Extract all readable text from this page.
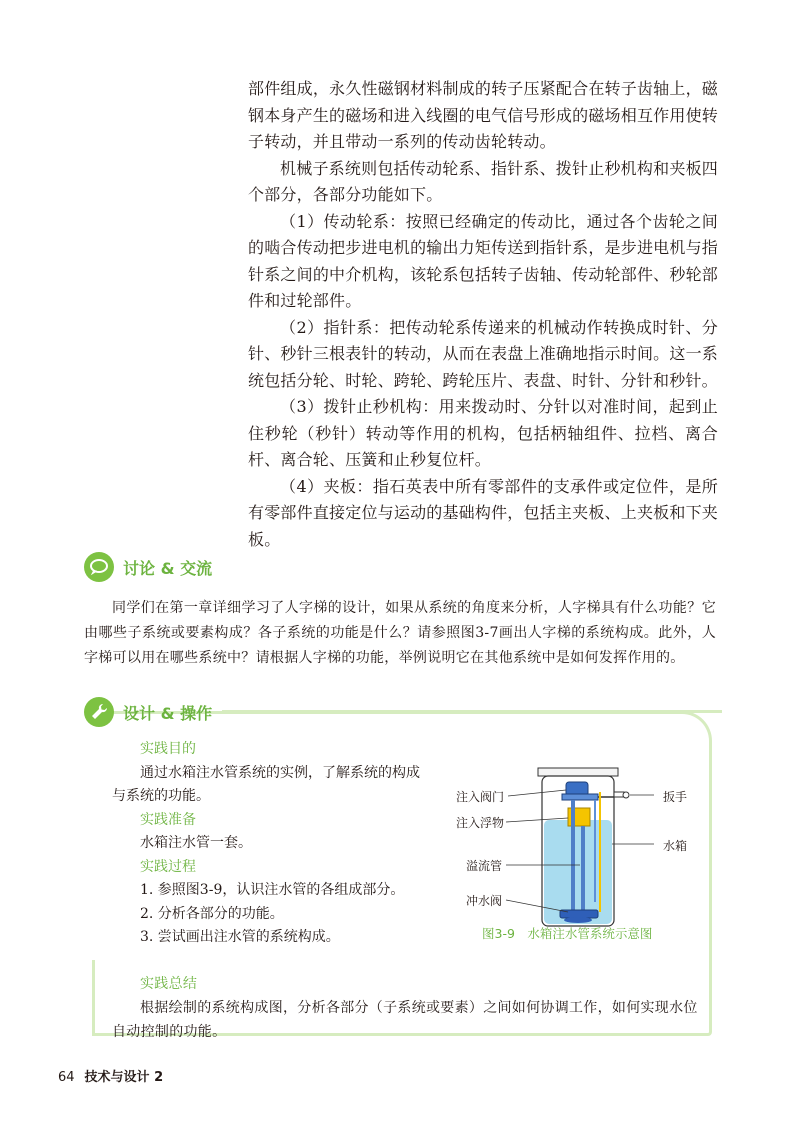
部件组成，永久性磁钢材料制成的转子压紧配合在转子齿轴上，磁钢本身产生的磁场和进入线圈的电气信号形成的磁场相互作用使转子转动，并且带动一系列的传动齿轮转动。

机械子系统则包括传动轮系、指针系、拨针止秒机构和夹板四个部分，各部分功能如下。

（1）传动轮系：按照已经确定的传动比，通过各个齿轮之间的啮合传动把步进电机的输出力矩传送到指针系，是步进电机与指针系之间的中介机构，该轮系包括转子齿轴、传动轮部件、秒轮部件和过轮部件。

（2）指针系：把传动轮系传递来的机械动作转换成时针、分针、秒针三根表针的转动，从而在表盘上准确地指示时间。这一系统包括分轮、时轮、跨轮、跨轮压片、表盘、时针、分针和秒针。

（3）拨针止秒机构：用来拨动时、分针以对准时间，起到止住秒轮（秒针）转动等作用的机构，包括柄轴组件、拉档、离合杆、离合轮、压簧和止秒复位杆。

（4）夹板：指石英表中所有零部件的支承件或定位件，是所有零部件直接定位与运动的基础构件，包括主夹板、上夹板和下夹板。

讨论 & 交流

同学们在第一章详细学习了人字梯的设计，如果从系统的角度来分析，人字梯具有什么功能？它由哪些子系统或要素构成？各子系统的功能是什么？请参照图3-7画出人字梯的系统构成。此外，人字梯可以用在哪些系统中？请根据人字梯的功能，举例说明它在其他系统中是如何发挥作用的。

设计 & 操作

实践目的

通过水箱注水管系统的实例，了解系统的构成

与系统的功能。

实践准备

水箱注水管一套。

实践过程

1. 参照图3-9，认识注水管的各组成部分。

2. 分析各部分的功能。

3. 尝试画出注水管的系统构成。

实践总结

根据绘制的系统构成图，分析各部分（子系统或要素）之间如何协调工作，如何实现水位自动控制的功能。

注入阀门
注入浮物
溢流管
冲水阀
扳手
水箱
图3-9　水箱注水管系统示意图
64 技术与设计 2
